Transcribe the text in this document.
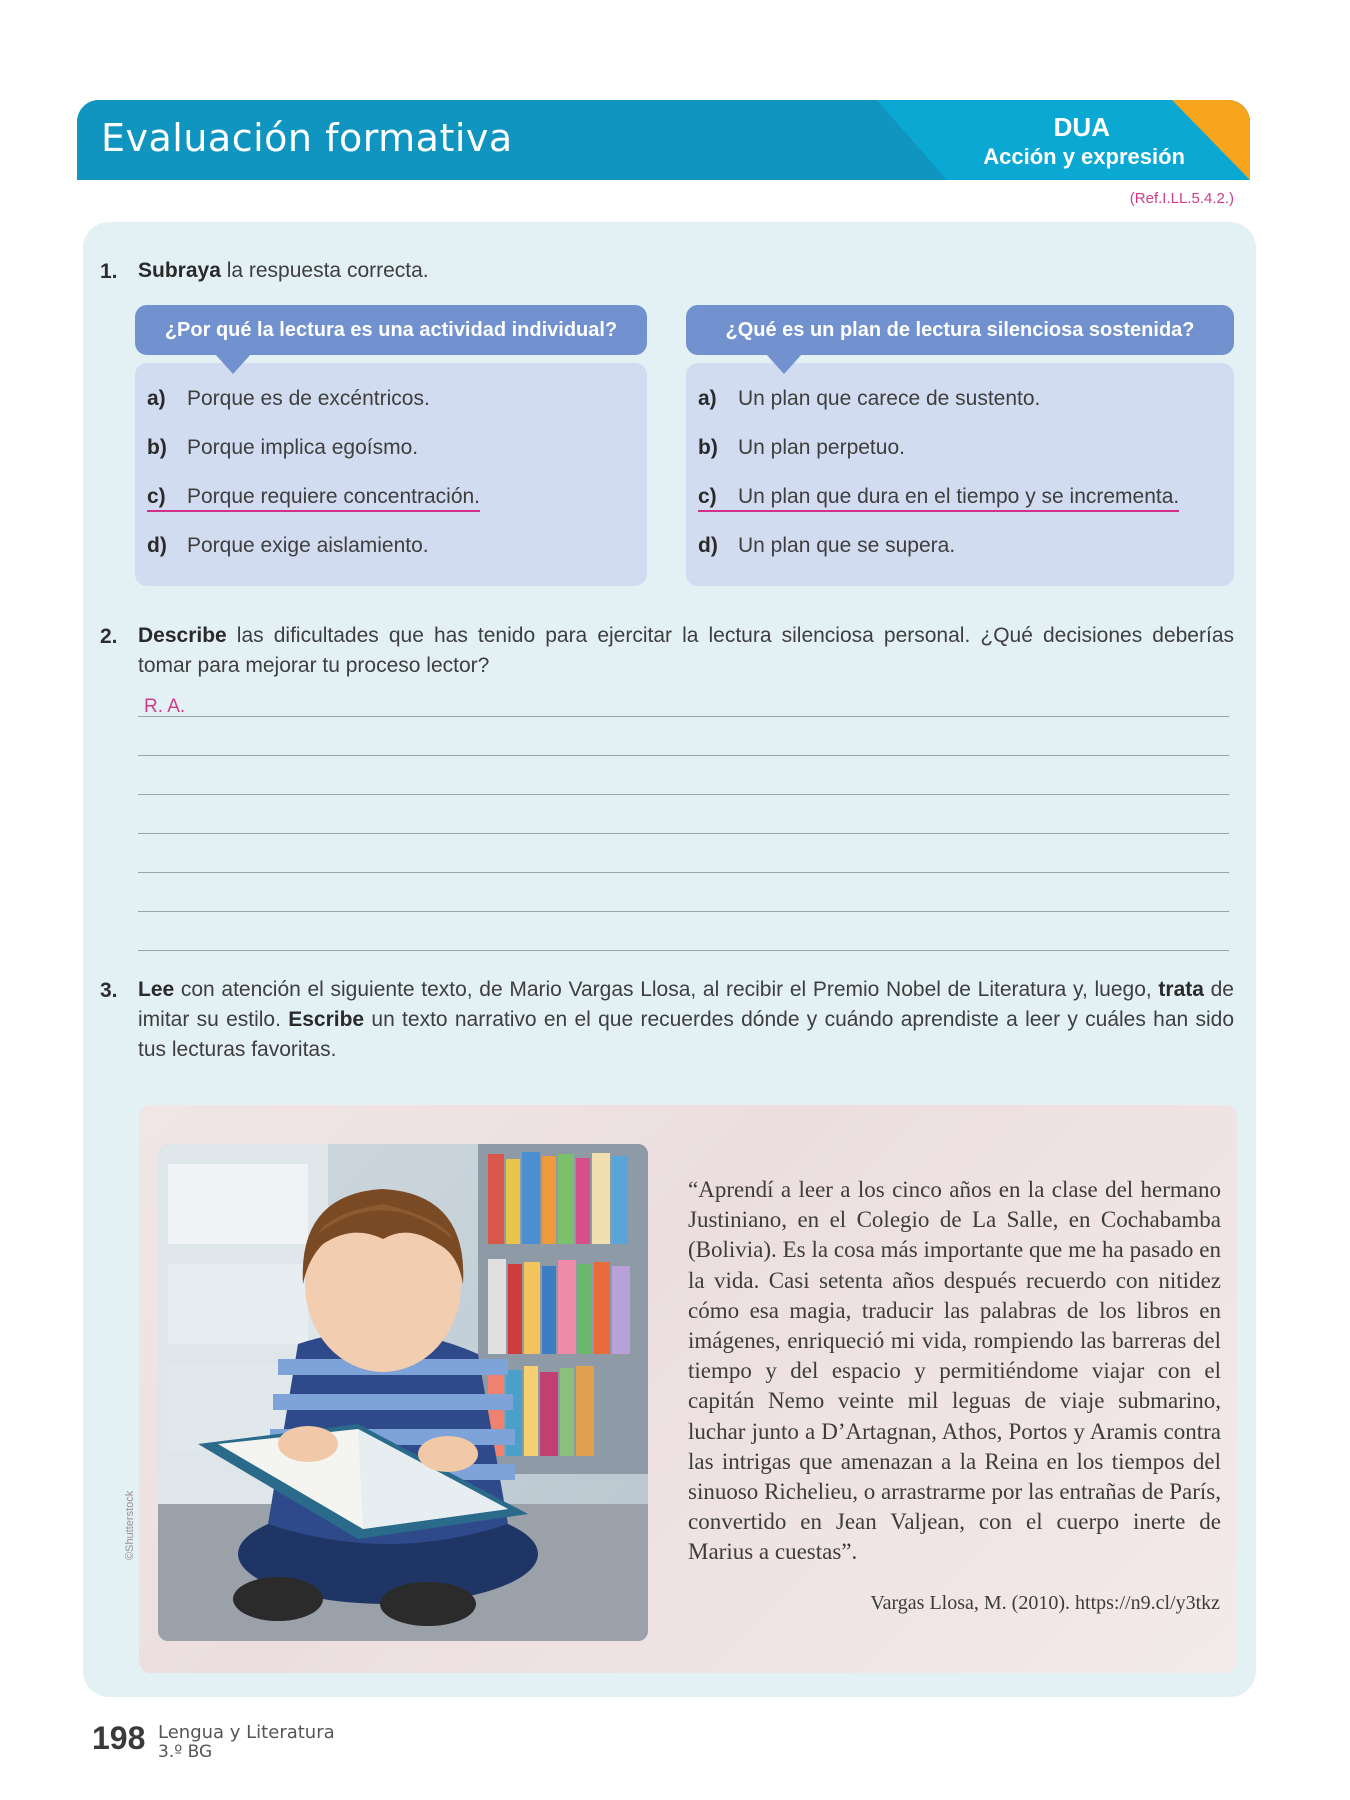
Evaluación formativa	DUA
Acción y expresión
(Ref.I.LL.5.4.2.)
1. Subraya la respuesta correcta.
a) Porque es de excéntricos.
b) Porque implica egoísmo.
c) Porque requiere concentración.
d) Porque exige aislamiento.
¿Por qué la lectura es una actividad individual?
a) Un plan que carece de sustento.
b) Un plan perpetuo.
c) Un plan que dura en el tiempo y se incrementa.
d) Un plan que se supera.
¿Qué es un plan de lectura silenciosa sostenida?
2. Describe las dificultades que has tenido para ejercitar la lectura silenciosa personal. ¿Qué decisiones deberías tomar para mejorar tu proceso lector?
R. A.
3. Lee con atención el siguiente texto, de Mario Vargas Llosa, al recibir el Premio Nobel de Literatura y, luego, trata de imitar su estilo. Escribe un texto narrativo en el que recuerdes dónde y cuándo aprendiste a leer y cuáles han sido tus lecturas favoritas.
©Shutterstock
“Aprendí a leer a los cinco años en la clase del hermano Justiniano, en el Colegio de La Salle, en Cochabamba (Bolivia). Es la cosa más importante que me ha pasado en la vida. Casi setenta años después recuerdo con nitidez cómo esa magia, traducir las palabras de los libros en imágenes, enriqueció mi vida, rompiendo las barreras del tiempo y del espacio y permitiéndome viajar con el capitán Nemo veinte mil leguas de viaje submarino, luchar junto a D’Artagnan, Athos, Portos y Aramis contra las intrigas que amenazan a la Reina en los tiempos del sinuoso Richelieu, o arrastrarme por las entrañas de París, convertido en Jean Valjean, con el cuerpo inerte de Marius a cuestas”.
Vargas Llosa, M. (2010). https://n9.cl/y3tkz
198 Lengua y Literatura
3.º BG
